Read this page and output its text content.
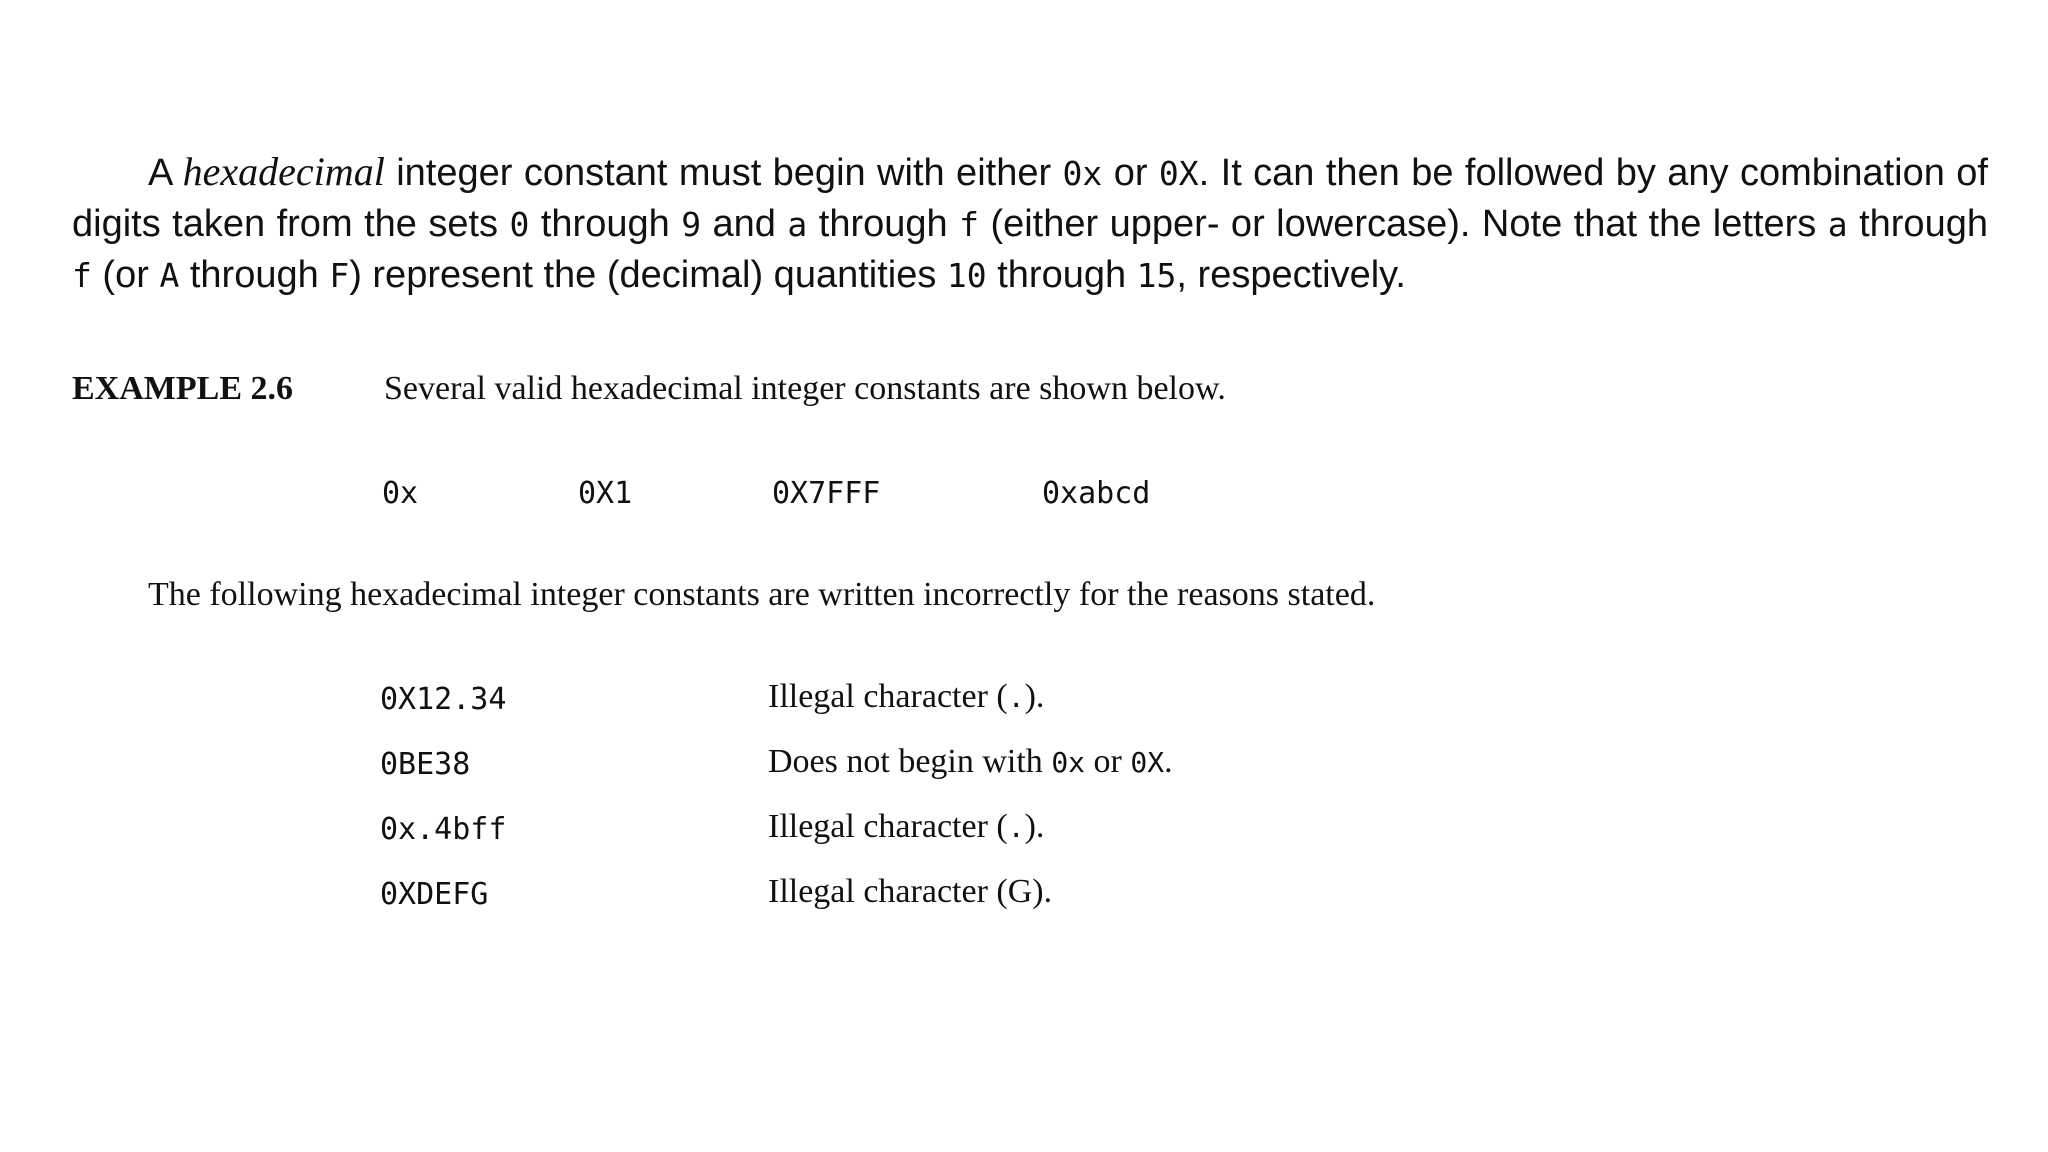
A hexadecimal integer constant must begin with either 0x or 0X. It can then be followed by any combination of digits taken from the sets 0 through 9 and a through f (either upper- or lowercase). Note that the letters a through f (or A through F) represent the (decimal) quantities 10 through 15, respectively.
EXAMPLE 2.6	Several valid hexadecimal integer constants are shown below.
0x	0X1	0X7FFF	0xabcd
The following hexadecimal integer constants are written incorrectly for the reasons stated.
0X12.34	Illegal character (.).
0BE38	Does not begin with 0x or 0X.
0x.4bff	Illegal character (.).
0XDEFG	Illegal character (G).
